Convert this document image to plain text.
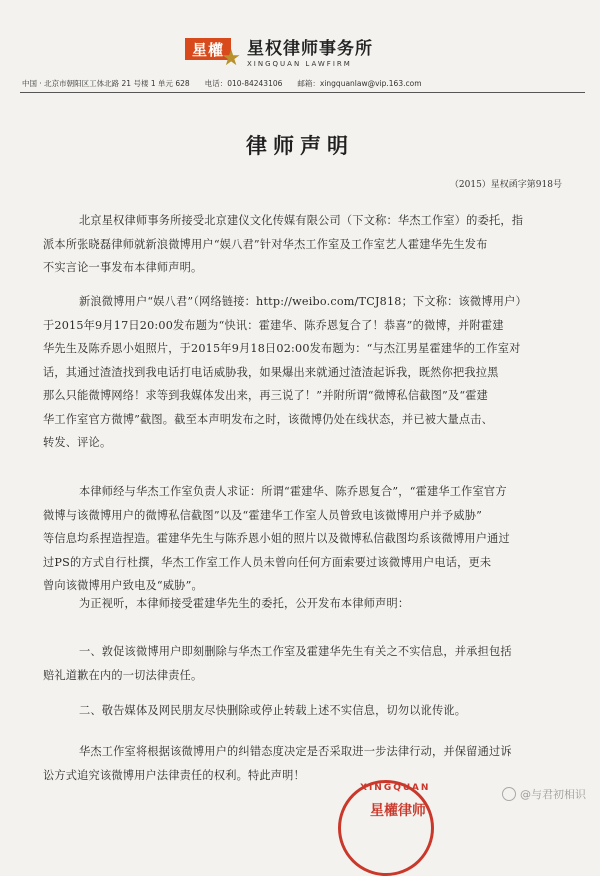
星權
★ 星权律师事务所
XINGQUAN LAWFIRM
中国 · 北京市朝阳区工体北路 21 号楼 1 单元 628　　电话：010-84243106　　邮箱：xingquanlaw@vip.163.com
律师声明
（2015）星权函字第918号
北京星权律师事务所接受北京建仪文化传媒有限公司（下文称：华杰工作室）的委托，指
派本所张晓磊律师就新浪微博用户“娱八君”针对华杰工作室及工作室艺人霍建华先生发布
不实言论一事发布本律师声明。
新浪微博用户“娱八君”（网络链接：http://weibo.com/TCJ818；下文称：该微博用户）
于2015年9月17日20:00发布题为“快讯：霍建华、陈乔恩复合了！恭喜”的微博，并附霍建
华先生及陈乔恩小姐照片，于2015年9月18日02:00发布题为：“与杰江男星霍建华的工作室对
话，其通过渣渣找到我电话打电话威胁我，如果爆出来就通过渣渣起诉我，既然你把我拉黑
那么只能微博网络！求等到我媒体发出来，再三说了！”并附所谓“微博私信截图”及“霍建
华工作室官方微博”截图。截至本声明发布之时，该微博仍处在线状态，并已被大量点击、
转发、评论。
本律师经与华杰工作室负责人求证：所谓“霍建华、陈乔恩复合”，“霍建华工作室官方
微博与该微博用户的微博私信截图”以及“霍建华工作室人员曾致电该微博用户并予威胁”
等信息均系捏造捏造。霍建华先生与陈乔恩小姐的照片以及微博私信截图均系该微博用户通过
过PS的方式自行杜撰，华杰工作室工作人员未曾向任何方面索要过该微博用户电话，更未
曾向该微博用户致电及“威胁”。
为正视听，本律师接受霍建华先生的委托，公开发布本律师声明：
一、敦促该微博用户即刻删除与华杰工作室及霍建华先生有关之不实信息，并承担包括
赔礼道歉在内的一切法律责任。
二、敬告媒体及网民朋友尽快删除或停止转载上述不实信息，切勿以讹传讹。
华杰工作室将根据该微博用户的纠错态度决定是否采取进一步法律行动，并保留通过诉
讼方式追究该微博用户法律责任的权利。特此声明！
XINGQUAN
星權律师
@与君初相识
